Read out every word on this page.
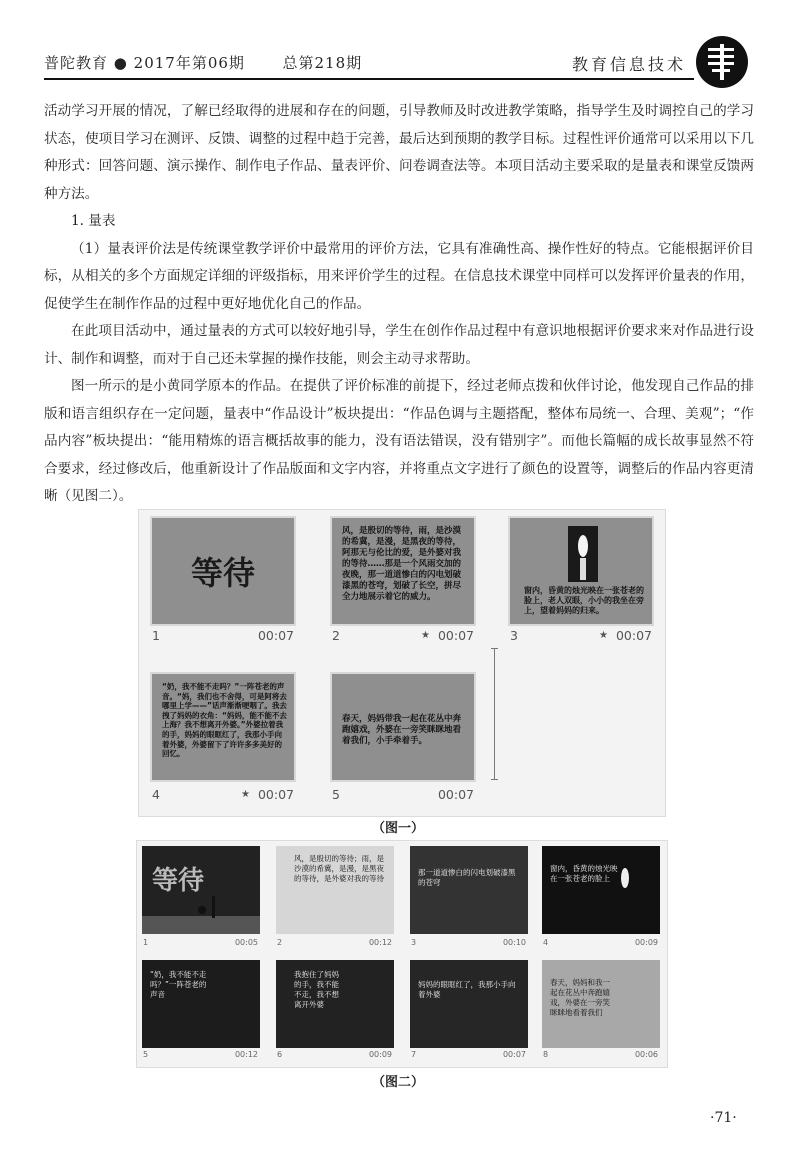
普陀教育 ● 2017年第06期	总第218期	教育信息技术

活动学习开展的情况，了解已经取得的进展和存在的问题，引导教师及时改进教学策略，指导学生及时调控自己的学习状态，使项目学习在测评、反馈、调整的过程中趋于完善，最后达到预期的教学目标。过程性评价通常可以采用以下几种形式：回答问题、演示操作、制作电子作品、量表评价、问卷调查法等。本项目活动主要采取的是量表和课堂反馈两种方法。

1. 量表

（1）量表评价法是传统课堂教学评价中最常用的评价方法，它具有准确性高、操作性好的特点。它能根据评价目标，从相关的多个方面规定详细的评级指标，用来评价学生的过程。在信息技术课堂中同样可以发挥评价量表的作用，促使学生在制作作品的过程中更好地优化自己的作品。

在此项目活动中，通过量表的方式可以较好地引导，学生在创作作品过程中有意识地根据评价要求来对作品进行设计、制作和调整，而对于自己还未掌握的操作技能，则会主动寻求帮助。

图一所示的是小黄同学原本的作品。在提供了评价标准的前提下，经过老师点拨和伙伴讨论，他发现自己作品的排版和语言组织存在一定问题，量表中“作品设计”板块提出：“作品色调与主题搭配，整体布局统一、合理、美观”；“作品内容”板块提出：“能用精炼的语言概括故事的能力，没有语法错误，没有错别字”。而他长篇幅的成长故事显然不符合要求，经过修改后，他重新设计了作品版面和文字内容，并将重点文字进行了颜色的设置等，调整后的作品内容更清晰（见图二）。

等待
1	00:07
风，是殷切的等待，雨，是沙漠的希冀，是漫，是黑夜的等待，阿那无与伦比的爱，是外婆对我的等待……那是一个风雨交加的夜晚，那一道道惨白的闪电划破漆黑的苍穹，划破了长空，拼尽全力地展示着它的威力。
2	★ 00:07
窗内，昏黄的烛光映在一张苍老的脸上，老人双眼，小小的我坐在旁上，望着妈妈的归来。
3	★ 00:07
“奶，我不能不走吗？”一阵苍老的声音。“妈，我们也不舍得，可是阿将去哪里上学——”话声渐渐哽咽了。我去拽了妈妈的衣角：“妈妈，能不能不去上海？我不想离开外婆。”外婆拉着我的手，妈妈的眼眶红了，我那小手向着外婆，外婆留下了许许多多美好的回忆。
4	★ 00:07
春天，妈妈带我一起在花丛中奔跑嬉戏，外婆在一旁笑眯眯地看着我们，小手牵着手。
5	00:07
（图一）
等待
1	00:05
风，是殷切的等待；雨，是沙漠的希冀，是漫，是黑夜的等待，是外婆对我的等待
2	00:12
那一道道惨白的闪电划破漆黑的苍穹
3	00:10
窗内，昏黄的烛光映在一张苍老的脸上
4	00:09
“奶，我不能不走吗？”一阵苍老的声音
5	00:12
我抱住了妈妈的手，我不能不走，我不想离开外婆
6	00:09
妈妈的眼眶红了，我那小手向着外婆
7	00:07
春天，妈妈和我一起在花丛中奔跑嬉戏，外婆在一旁笑眯眯地看着我们
8	00:06
（图二）
·71·
